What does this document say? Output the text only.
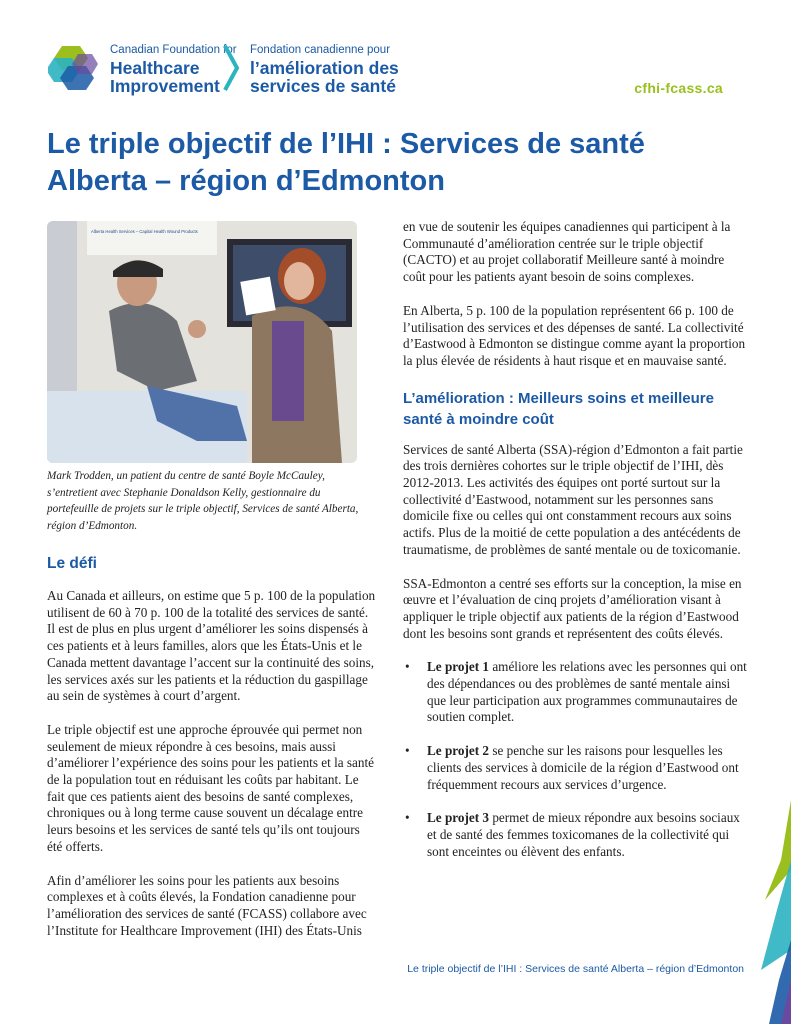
Canadian Foundation for
Healthcare
Improvement
Fondation canadienne pour
l’amélioration des
services de santé	cfhi-fcass.ca
Le triple objectif de l’IHI : Services de santé
Alberta – région d’Edmonton
Alberta Health Services – Capital Health Wound Products
Mark Trodden, un patient du centre de santé Boyle McCauley, s’entretient avec Stephanie Donaldson Kelly, gestionnaire du portefeuille de projets sur le triple objectif, Services de santé Alberta, région d’Edmonton.
Le défi

Au Canada et ailleurs, on estime que 5 p. 100 de la population utilisent de 60 à 70 p. 100 de la totalité des services de santé. Il est de plus en plus urgent d’améliorer les soins dispensés à ces patients et à leurs familles, alors que les États-Unis et le Canada mettent davantage l’accent sur la continuité des soins, les services axés sur les patients et la réduction du gaspillage au sein de systèmes à court d’argent.

Le triple objectif est une approche éprouvée qui permet non seulement de mieux répondre à ces besoins, mais aussi d’améliorer l’expérience des soins pour les patients et la santé de la population tout en réduisant les coûts par habitant. Le fait que ces patients aient des besoins de santé complexes, chroniques ou à long terme cause souvent un décalage entre leurs besoins et les services de santé tels qu’ils ont toujours été offerts.

Afin d’améliorer les soins pour les patients aux besoins complexes et à coûts élevés, la Fondation canadienne pour l’amélioration des services de santé (FCASS) collabore avec l’Institute for Healthcare Improvement (IHI) des États-Unis

en vue de soutenir les équipes canadiennes qui participent à la Communauté d’amélioration centrée sur le triple objectif (CACTO) et au projet collaboratif Meilleure santé à moindre coût pour les patients ayant besoin de soins complexes.

En Alberta, 5 p. 100 de la population représentent 66 p. 100 de l’utilisation des services et des dépenses de santé. La collectivité d’Eastwood à Edmonton se distingue comme ayant la proportion la plus élevée de résidents à haut risque et en mauvaise santé.

L’amélioration : Meilleurs soins et meilleure santé à moindre coût

Services de santé Alberta (SSA)-région d’Edmonton a fait partie des trois dernières cohortes sur le triple objectif de l’IHI, dès 2012-2013. Les activités des équipes ont porté surtout sur la collectivité d’Eastwood, notamment sur les personnes sans domicile fixe ou celles qui ont constamment recours aux soins actifs. Plus de la moitié de cette population a des antécédents de traumatisme, de problèmes de santé mentale ou de toxicomanie.

SSA-Edmonton a centré ses efforts sur la conception, la mise en œuvre et l’évaluation de cinq projets d’amélioration visant à appliquer le triple objectif aux patients de la région d’Eastwood dont les besoins sont grands et représentent des coûts élevés.

• Le projet 1 améliore les relations avec les personnes qui ont des dépendances ou des problèmes de santé mentale ainsi que leur participation aux programmes communautaires de soutien complet.
• Le projet 2 se penche sur les raisons pour lesquelles les clients des services à domicile de la région d’Eastwood ont fréquemment recours aux services d’urgence.
• Le projet 3 permet de mieux répondre aux besoins sociaux et de santé des femmes toxicomanes de la collectivité qui sont enceintes ou élèvent des enfants.
Le triple objectif de l’IHI : Services de santé Alberta – région d’Edmonton
